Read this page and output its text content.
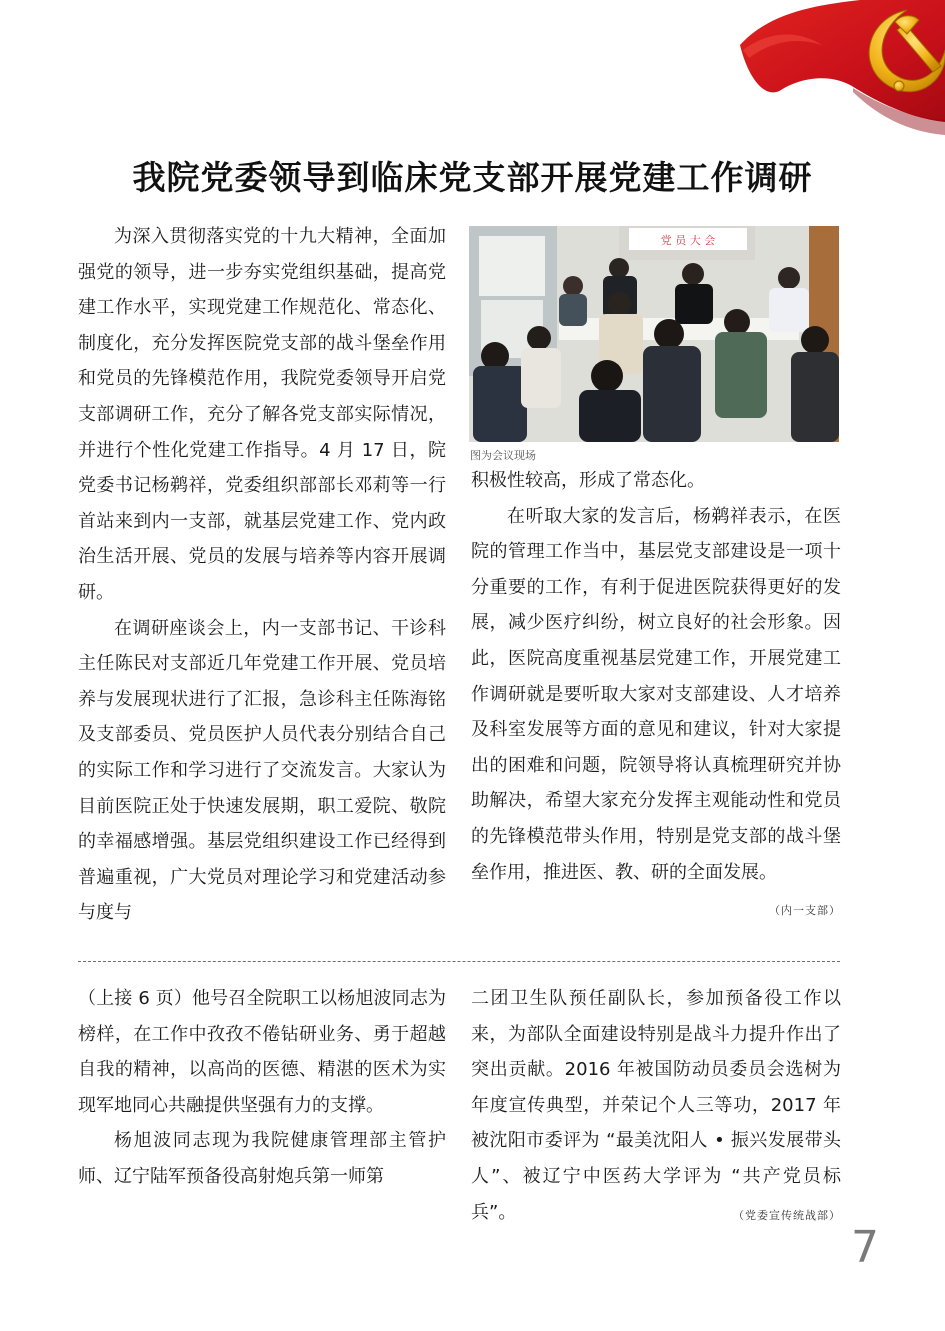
我院党委领导到临床党支部开展党建工作调研

为深入贯彻落实党的十九大精神，全面加强党的领导，进一步夯实党组织基础，提高党建工作水平，实现党建工作规范化、常态化、制度化，充分发挥医院党支部的战斗堡垒作用和党员的先锋模范作用，我院党委领导开启党支部调研工作，充分了解各党支部实际情况，并进行个性化党建工作指导。4 月 17 日，院党委书记杨鹈祥，党委组织部部长邓莉等一行首站来到内一支部，就基层党建工作、党内政治生活开展、党员的发展与培养等内容开展调研。

在调研座谈会上，内一支部书记、干诊科主任陈民对支部近几年党建工作开展、党员培养与发展现状进行了汇报，急诊科主任陈海铭及支部委员、党员医护人员代表分别结合自己的实际工作和学习进行了交流发言。大家认为目前医院正处于快速发展期，职工爱院、敬院的幸福感增强。基层党组织建设工作已经得到普遍重视，广大党员对理论学习和党建活动参与度与

党 员 大 会
图为会议现场

积极性较高，形成了常态化。

在听取大家的发言后，杨鹈祥表示，在医院的管理工作当中，基层党支部建设是一项十分重要的工作，有利于促进医院获得更好的发展，减少医疗纠纷，树立良好的社会形象。因此，医院高度重视基层党建工作，开展党建工作调研就是要听取大家对支部建设、人才培养及科室发展等方面的意见和建议，针对大家提出的困难和问题，院领导将认真梳理研究并协助解决，希望大家充分发挥主观能动性和党员的先锋模范带头作用，特别是党支部的战斗堡垒作用，推进医、教、研的全面发展。
（内一支部）

（上接 6 页）他号召全院职工以杨旭波同志为榜样，在工作中孜孜不倦钻研业务、勇于超越自我的精神，以高尚的医德、精湛的医术为实现军地同心共融提供坚强有力的支撑。

杨旭波同志现为我院健康管理部主管护师、辽宁陆军预备役高射炮兵第一师第

二团卫生队预任副队长，参加预备役工作以来，为部队全面建设特别是战斗力提升作出了突出贡献。2016 年被国防动员委员会选树为年度宣传典型，并荣记个人三等功，2017 年被沈阳市委评为 “最美沈阳人 • 振兴发展带头人”、被辽宁中医药大学评为 “共产党员标兵”。	（党委宣传统战部）

7
